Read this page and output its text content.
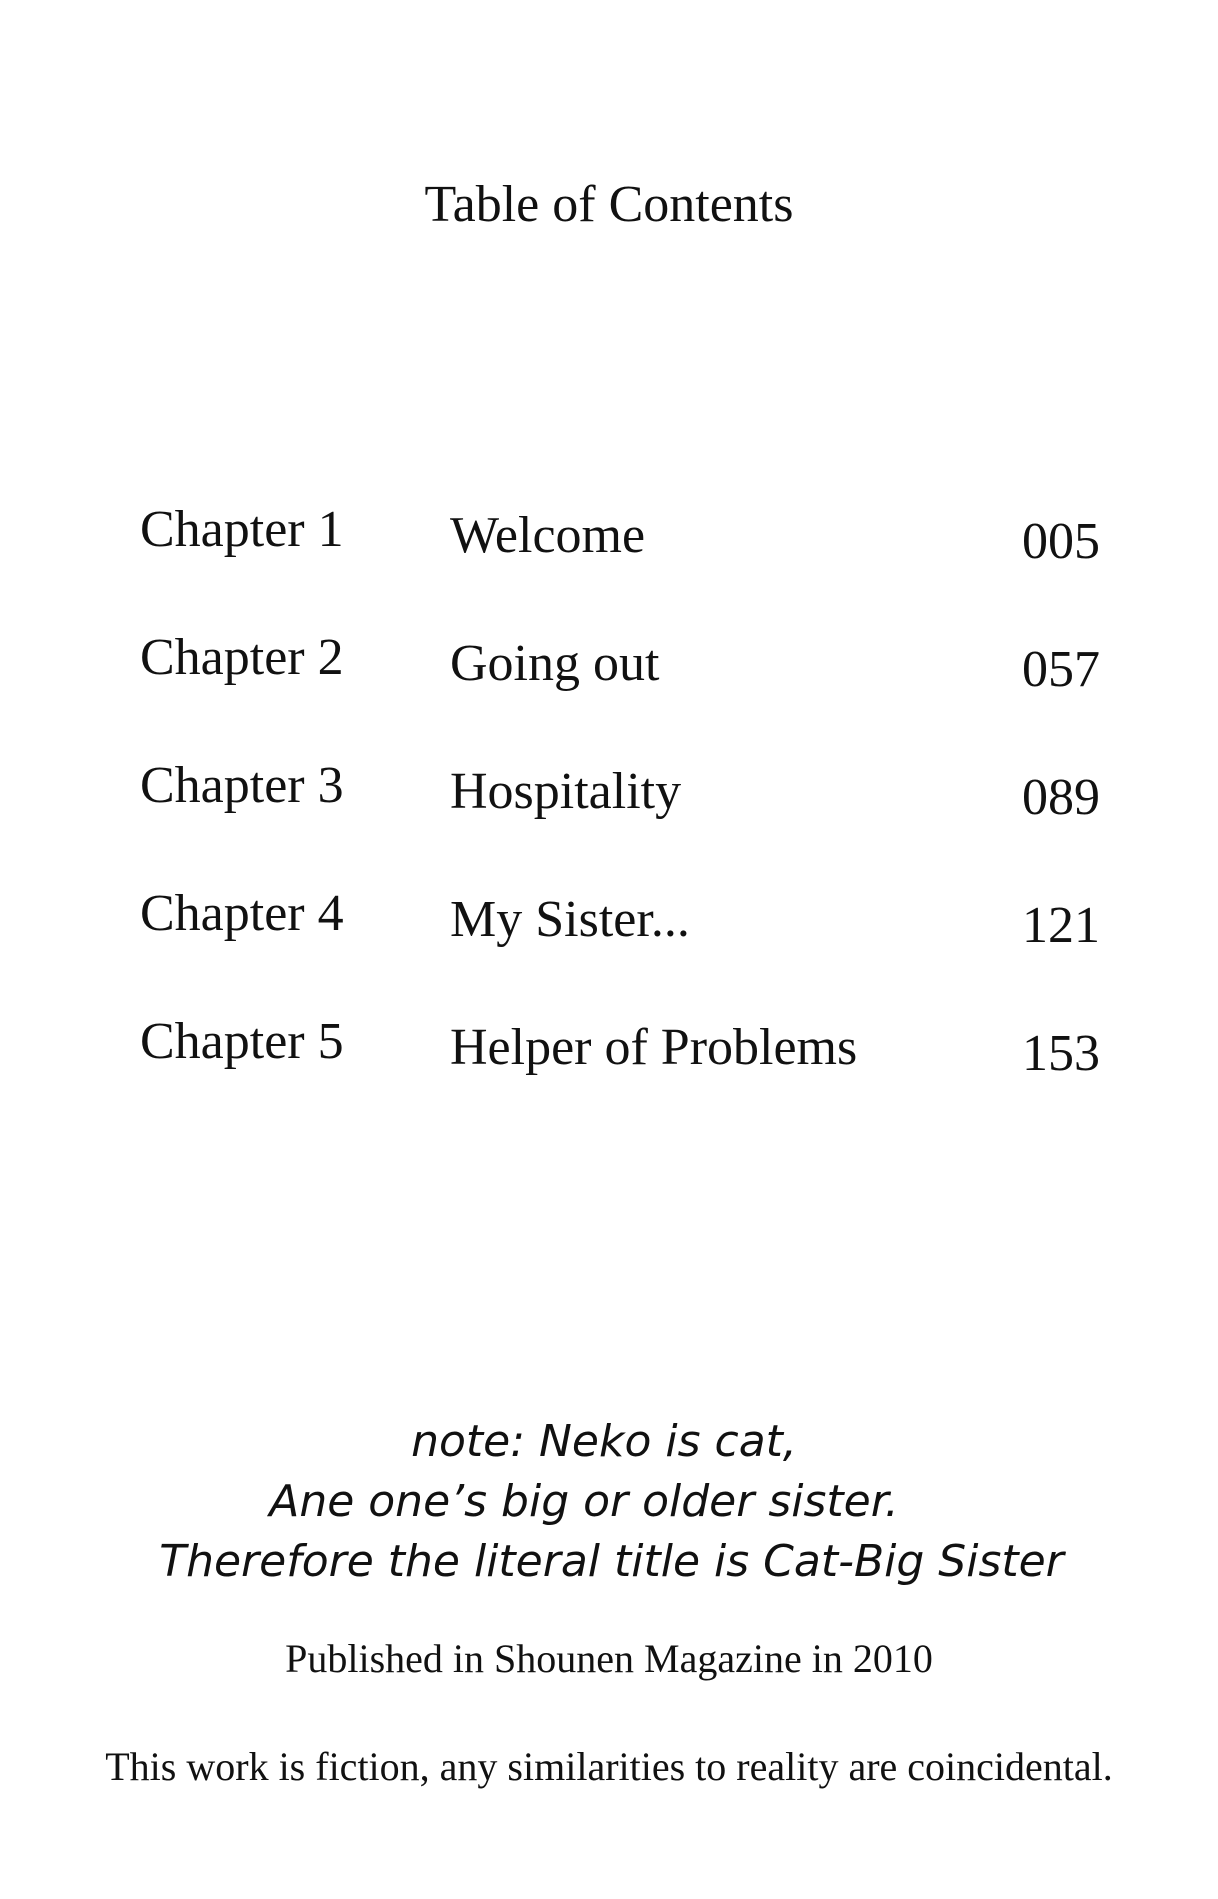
Table of Contents
Chapter 1 Welcome	005
Chapter 2 Going out	057
Chapter 3 Hospitality	089
Chapter 4 My Sister...	121
Chapter 5 Helper of Problems	153
note: Neko is cat,
Ane one’s big or older sister.
Therefore the literal title is Cat-Big Sister
Published in Shounen Magazine in 2010
This work is fiction, any similarities to reality are coincidental.
